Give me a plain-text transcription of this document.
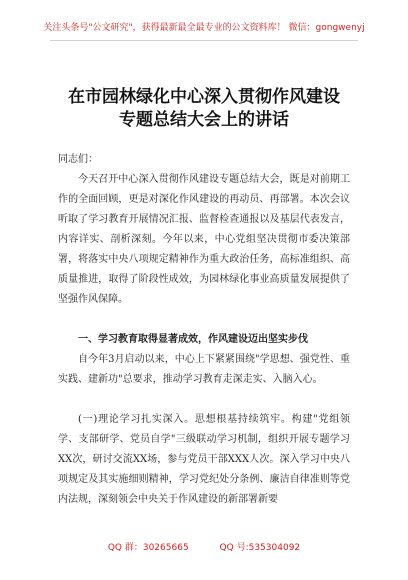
关注头条号"公文研究"，获得最新最全最专业的公文资料库！ 微信：gongwenyj
在市园林绿化中心深入贯彻作风建设
专题总结大会上的讲话
同志们：

今天召开中心深入贯彻作风建设专题总结大会，既是对前期工作的全面回顾，更是对深化作风建设的再动员、再部署。本次会议听取了学习教育开展情况汇报、监督检查通报以及基层代表发言，内容详实、剖析深刻。今年以来，中心党组坚决贯彻市委决策部署，将落实中央八项规定精神作为重大政治任务，高标准组织、高质量推进，取得了阶段性成效，为园林绿化事业高质量发展提供了坚强作风保障。

一、学习教育取得显著成效，作风建设迈出坚实步伐

自今年3月启动以来，中心上下紧紧围绕"学思想、强党性、重实践、建新功"总要求，推动学习教育走深走实、入脑入心。

(一)理论学习扎实深入。思想根基持续筑牢。构建"党组领学、支部研学、党员自学"三级联动学习机制，组织开展专题学习XX次，研讨交流XX场，参与党员干部XXX人次。深入学习中央八项规定及其实施细则精神，学习党纪处分条例、廉洁自律准则等党内法规，深刻领会中央关于作风建设的新部署新要

QQ 群：30265665	QQ 号:535304092
